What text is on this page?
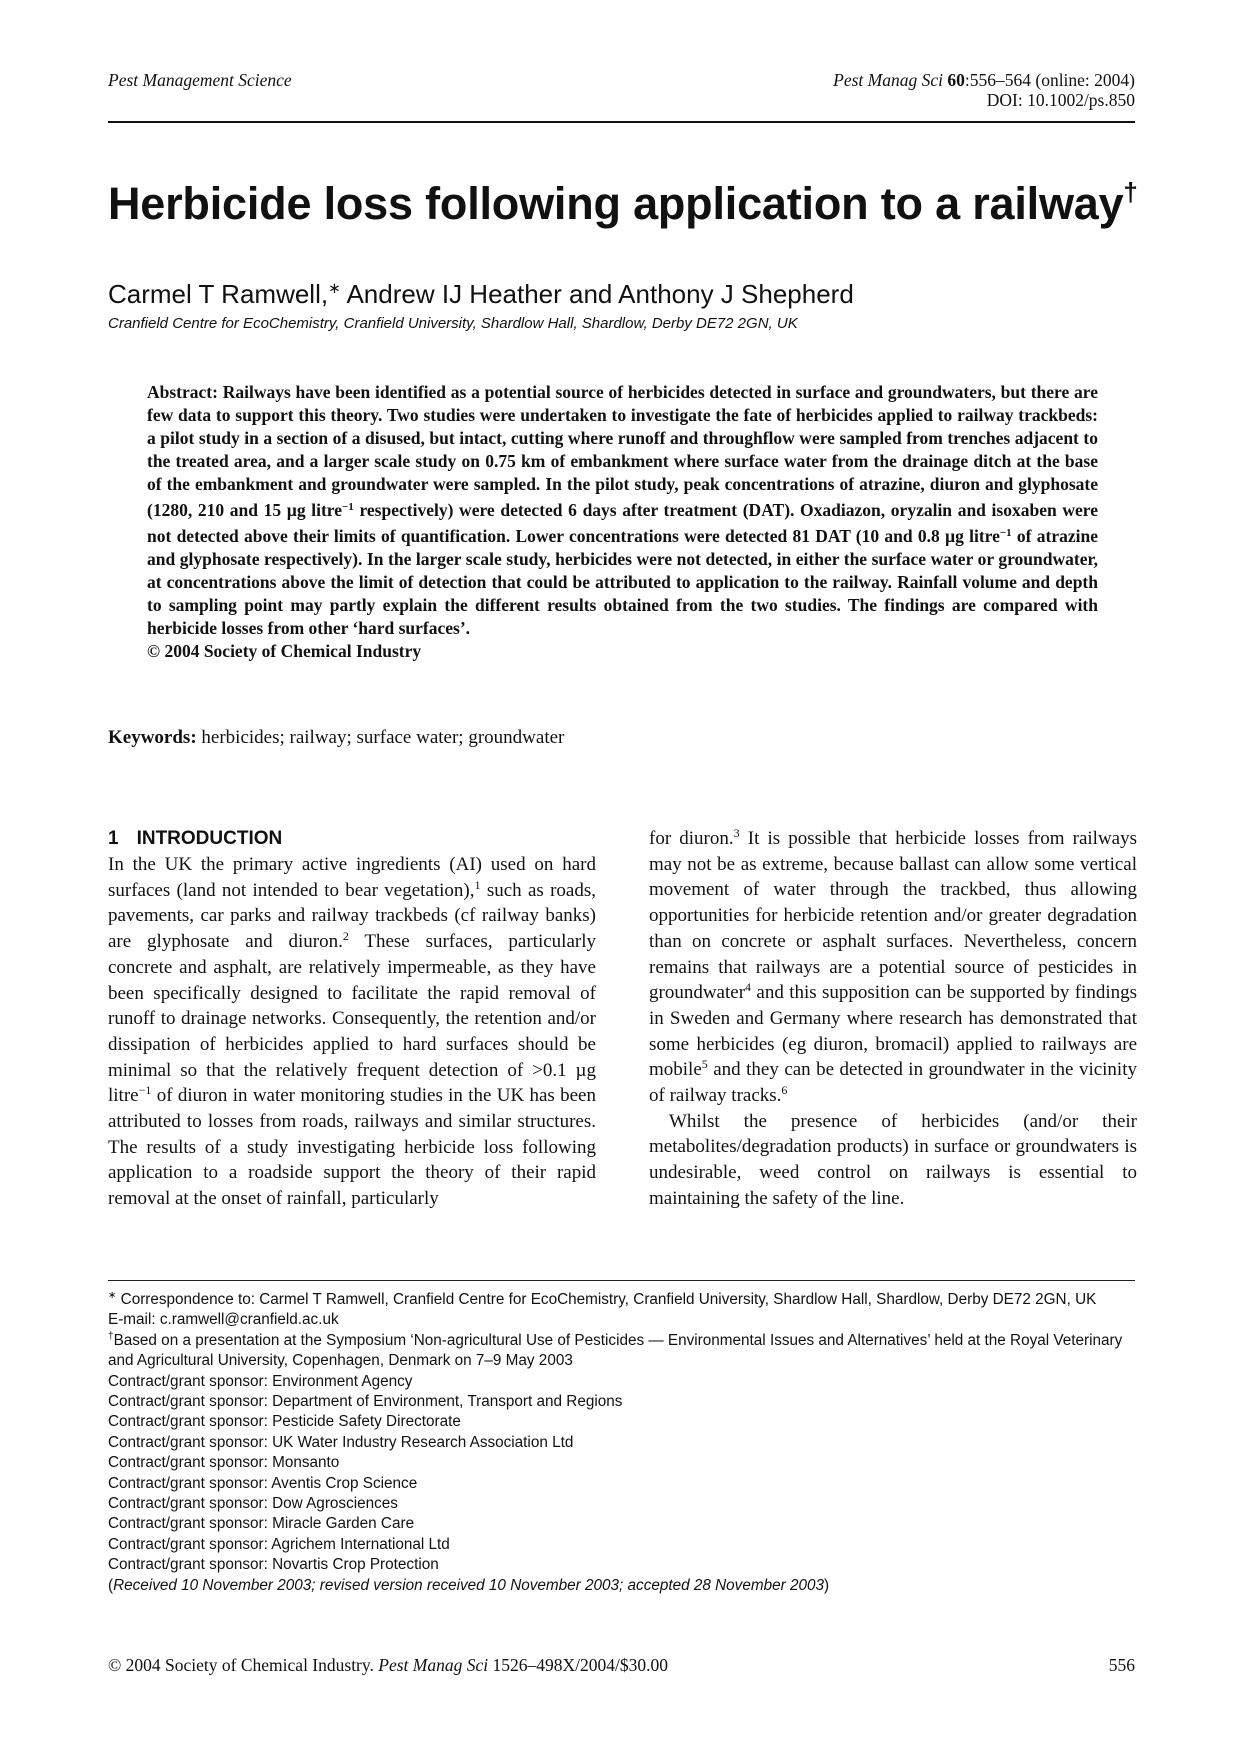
Pest Management Science	Pest Manag Sci 60:556–564 (online: 2004)
DOI: 10.1002/ps.850
Herbicide loss following application to a railway†
Carmel T Ramwell,∗ Andrew IJ Heather and Anthony J Shepherd
Cranfield Centre for EcoChemistry, Cranfield University, Shardlow Hall, Shardlow, Derby DE72 2GN, UK
Abstract: Railways have been identified as a potential source of herbicides detected in surface and groundwaters, but there are few data to support this theory. Two studies were undertaken to investigate the fate of herbicides applied to railway trackbeds: a pilot study in a section of a disused, but intact, cutting where runoff and throughflow were sampled from trenches adjacent to the treated area, and a larger scale study on 0.75 km of embankment where surface water from the drainage ditch at the base of the embankment and groundwater were sampled. In the pilot study, peak concentrations of atrazine, diuron and glyphosate (1280, 210 and 15 µg litre$^{-1}$ respectively) were detected 6 days after treatment (DAT). Oxadiazon, oryzalin and isoxaben were not detected above their limits of quantification. Lower concentrations were detected 81 DAT (10 and 0.8 µg litre$^{-1}$ of atrazine and glyphosate respectively). In the larger scale study, herbicides were not detected, in either the surface water or groundwater, at concentrations above the limit of detection that could be attributed to application to the railway. Rainfall volume and depth to sampling point may partly explain the different results obtained from the two studies. The findings are compared with herbicide losses from other ‘hard surfaces’.
© 2004 Society of Chemical Industry
Keywords: herbicides; railway; surface water; groundwater
1 INTRODUCTION

In the UK the primary active ingredients (AI) used on hard surfaces (land not intended to bear vegetation),$^1$ such as roads, pavements, car parks and railway trackbeds (cf railway banks) are glyphosate and diuron.$^2$ These surfaces, particularly concrete and asphalt, are relatively impermeable, as they have been specifically designed to facilitate the rapid removal of runoff to drainage networks. Consequently, the retention and/or dissipation of herbicides applied to hard surfaces should be minimal so that the relatively frequent detection of >0.1 µg litre$^{-1}$ of diuron in water monitoring studies in the UK has been attributed to losses from roads, railways and similar structures. The results of a study investigating herbicide loss following application to a roadside support the theory of their rapid removal at the onset of rainfall, particularly

for diuron.$^3$ It is possible that herbicide losses from railways may not be as extreme, because ballast can allow some vertical movement of water through the trackbed, thus allowing opportunities for herbicide retention and/or greater degradation than on concrete or asphalt surfaces. Nevertheless, concern remains that railways are a potential source of pesticides in groundwater$^4$ and this supposition can be supported by findings in Sweden and Germany where research has demonstrated that some herbicides (eg diuron, bromacil) applied to railways are mobile$^5$ and they can be detected in groundwater in the vicinity of railway tracks.$^6$

Whilst the presence of herbicides (and/or their metabolites/degradation products) in surface or groundwaters is undesirable, weed control on railways is essential to maintaining the safety of the line.

∗ Correspondence to: Carmel T Ramwell, Cranfield Centre for EcoChemistry, Cranfield University, Shardlow Hall, Shardlow, Derby DE72 2GN, UK

E-mail: c.ramwell@cranfield.ac.uk

†Based on a presentation at the Symposium ‘Non-agricultural Use of Pesticides — Environmental Issues and Alternatives’ held at the Royal Veterinary and Agricultural University, Copenhagen, Denmark on 7–9 May 2003

Contract/grant sponsor: Environment Agency

Contract/grant sponsor: Department of Environment, Transport and Regions

Contract/grant sponsor: Pesticide Safety Directorate

Contract/grant sponsor: UK Water Industry Research Association Ltd

Contract/grant sponsor: Monsanto

Contract/grant sponsor: Aventis Crop Science

Contract/grant sponsor: Dow Agrosciences

Contract/grant sponsor: Miracle Garden Care

Contract/grant sponsor: Agrichem International Ltd

Contract/grant sponsor: Novartis Crop Protection

(Received 10 November 2003; revised version received 10 November 2003; accepted 28 November 2003)

© 2004 Society of Chemical Industry. Pest Manag Sci 1526–498X/2004/$30.00	556
